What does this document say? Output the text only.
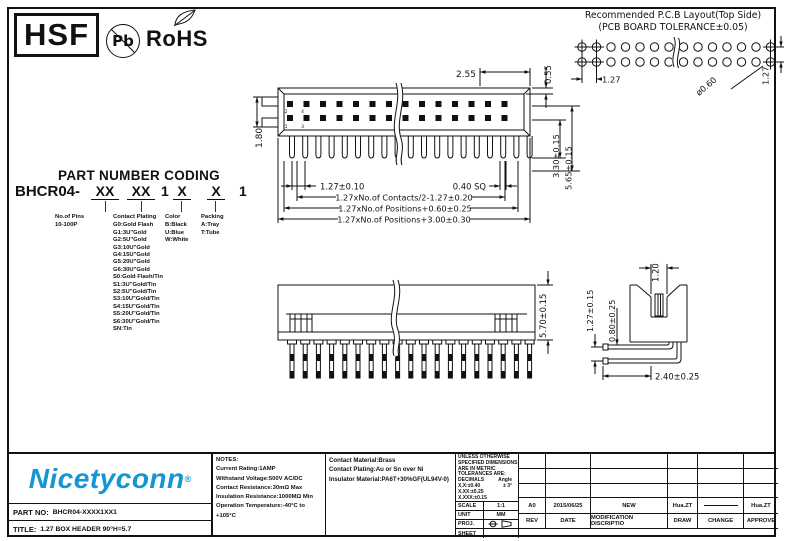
HSF	Pb RoHS
Recommended P.C.B Layout(Top Side)
(PCB BOARD TOLERANCE±0.05)
1.27	ø0.60	1.27
2.55	0.55
1.80	3.30±0.15 5.65±0.15
2	4
1	3
1.27±0.10	0.40 SQ
1.27xNo.of Contacts/2-1.27±0.20
1.27xNo.of Positions+0.60±0.25
1.27xNo.of Positions+3.00±0.30
5.70±0.15
1.20
0.80±0.25
1.27±0.15
2.40±0.25
PART NUMBER CODING
BHCR04-	XX	XX 1 X	X	1
No.of Pins
10-100P
Contact Plating
G0:Gold Flash
G1:3U"Gold
G2:5U"Gold
G3:10U"Gold
G4:15U"Gold
G5:20U"Gold
G6:30U"Gold
S0:Gold Flash/Tin
S1:3U"Gold/Tin
S2:5U"Gold/Tin
S3:10U"Gold/Tin
S4:15U"Gold/Tin
S5:20U"Gold/Tin
S6:30U"Gold/Tin
SN:Tin
Color
B:Black
U:Blue
W:White
Packing
A:Tray
T:Tube
Nicetyconn ®
PART NO: BHCR04-XXXX1XX1
TITLE: 1.27 BOX HEADER 90°H=5.7
NOTES:
Current Rating:1AMP
Withstand Voltage:500V AC/DC
Contact Resistance:30mΩ Max
Insulation Resistance:1000MΩ Min
Operation Temperature:-40°C to +105°C
Contact Material:Brass
Contact Plating:Au or Sn over Ni
Insulator Material:PA6T+30%GF(UL94V-0)
UNLESS OTHERWISE
SPECIFIED DIMENSIONS
ARE IN METRIC
TOLERANCES ARE:
DECIMALS	Angle
X.X:±0.40	± 3°
X.XX:±0.25
X.XXX:±0.15
SCALE	1:1
UNIT	MM
PROJ.
SHEET
A0	2015/06/25	NEW	Hua.ZT	Hua.ZT
REV	DATE	MODIFICATION DISCRIPTIO	DRAW	CHANGE	APPROVE
